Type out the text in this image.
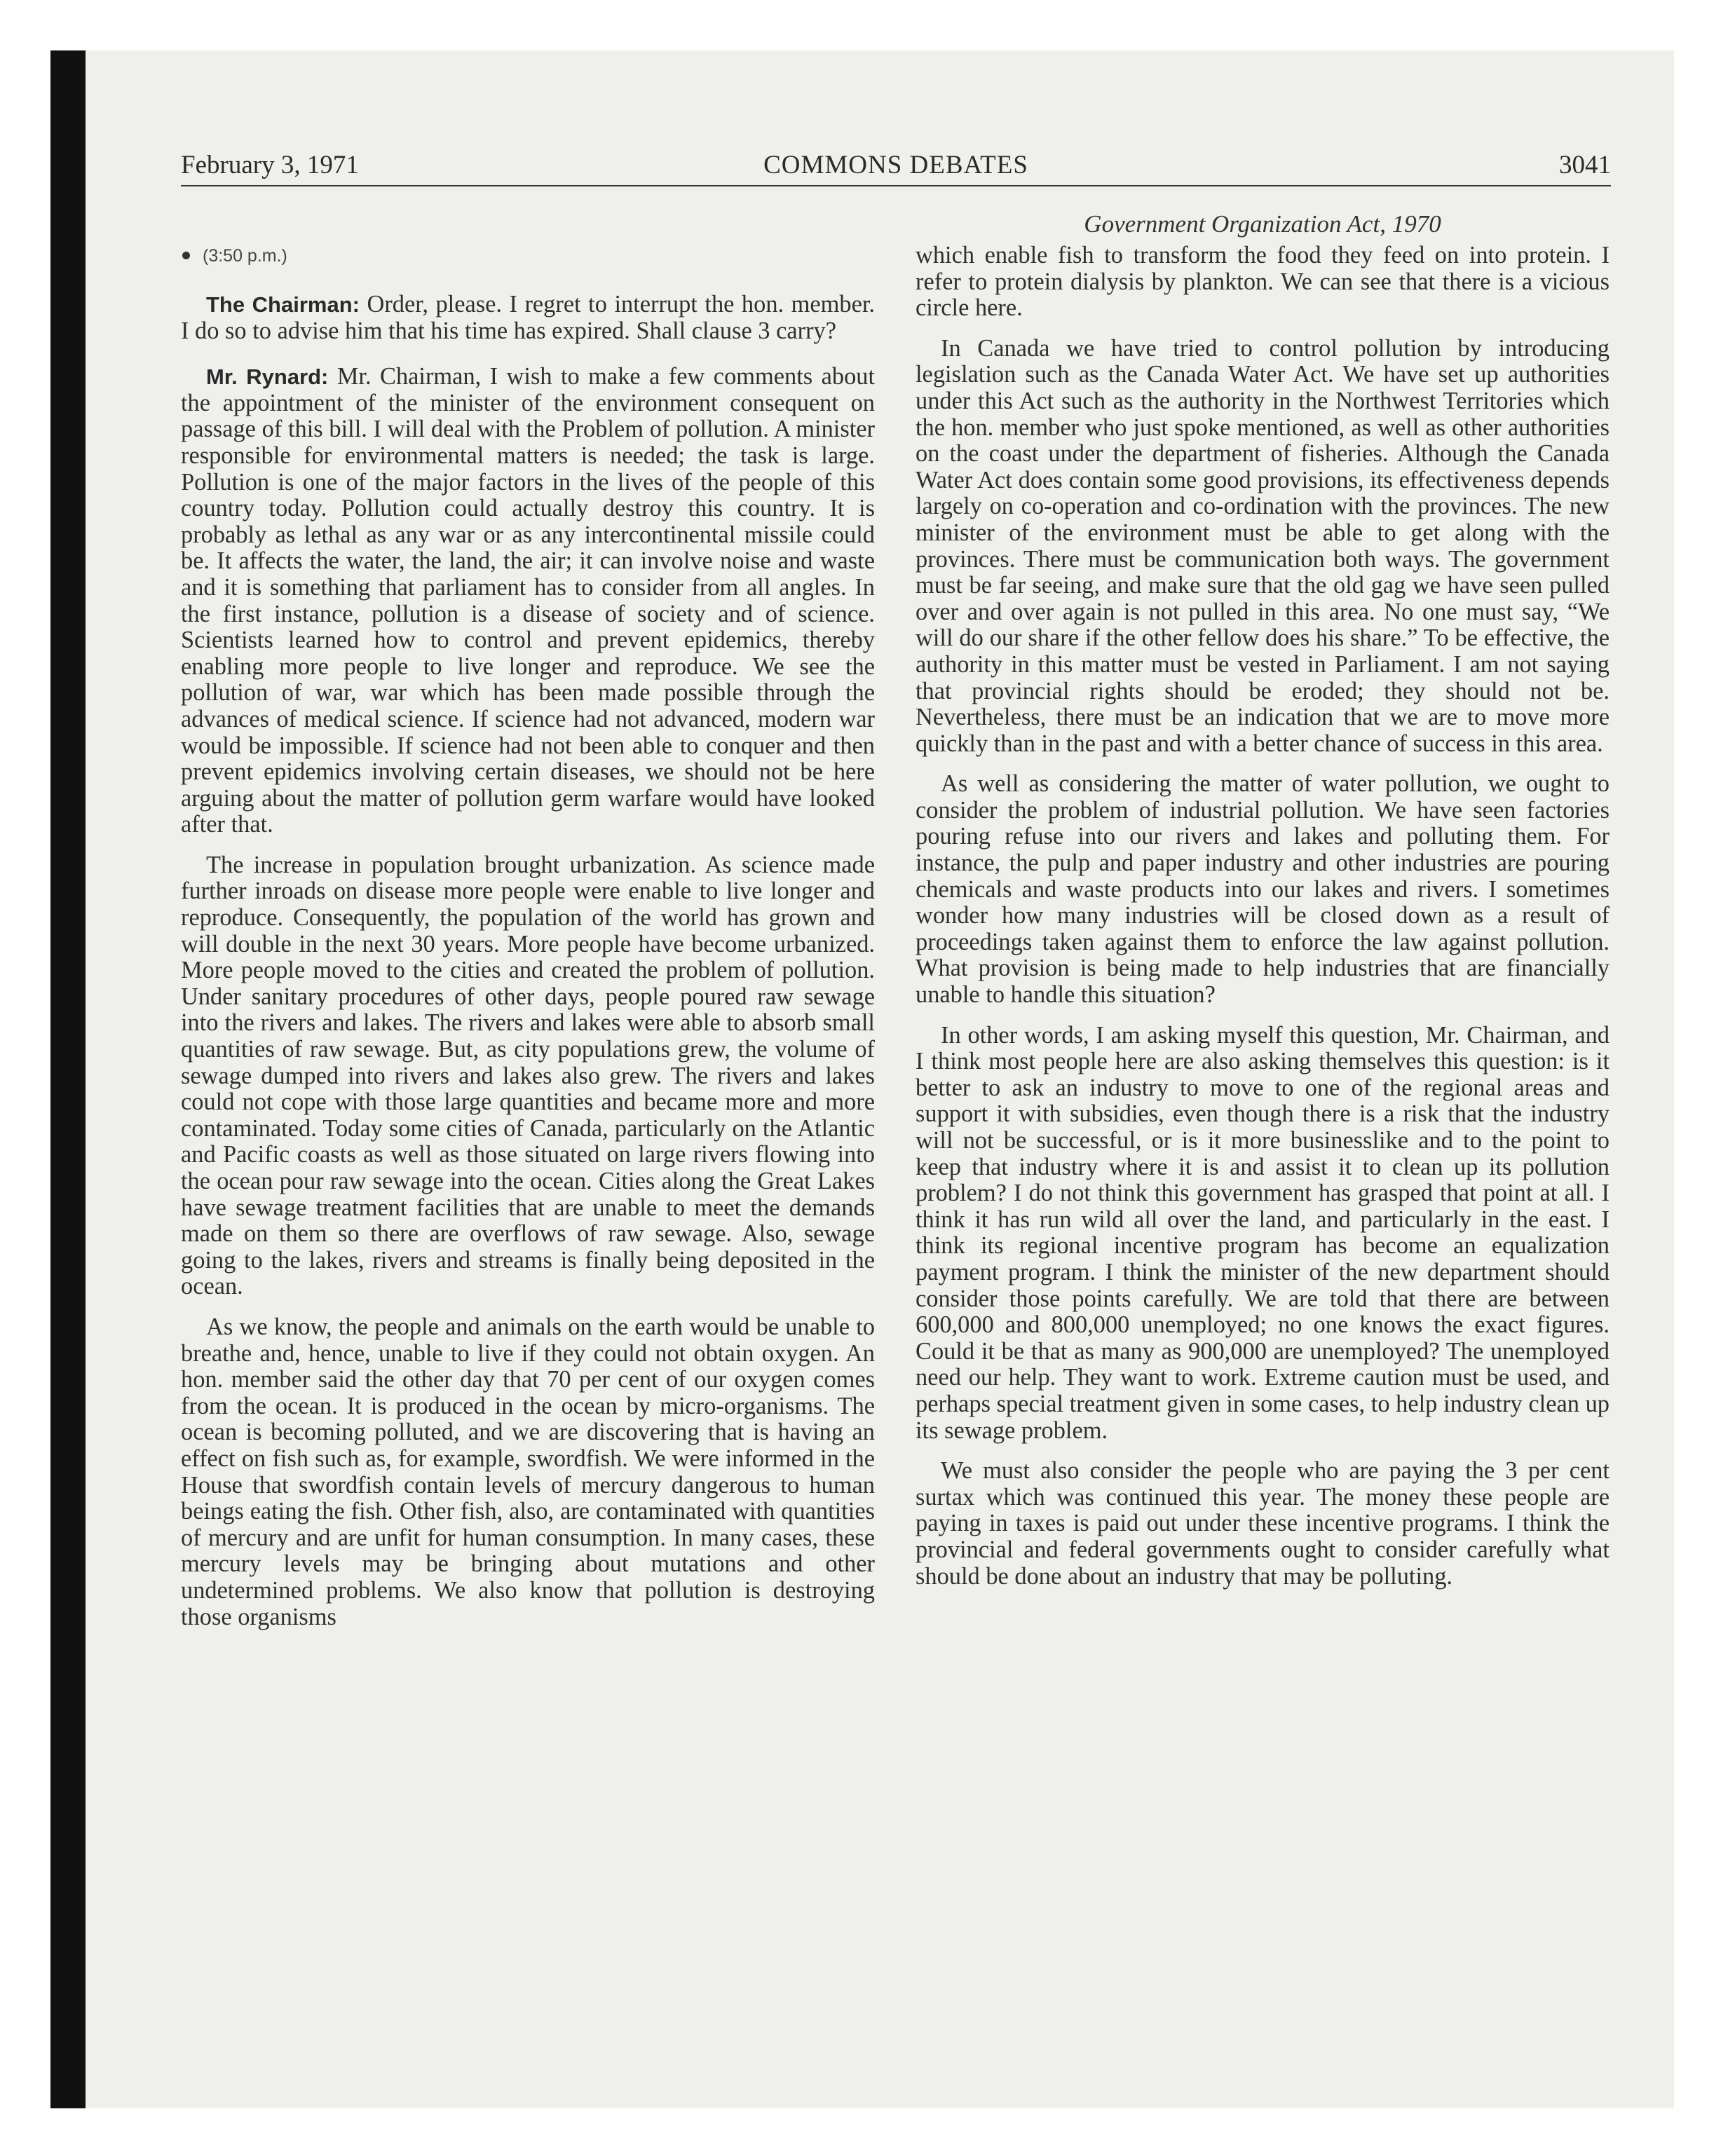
February 3, 1971	COMMONS DEBATES	3041
(3:50 p.m.)

The Chairman: Order, please. I regret to interrupt the hon. member. I do so to advise him that his time has expired. Shall clause 3 carry?

Mr. Rynard: Mr. Chairman, I wish to make a few comments about the appointment of the minister of the environment consequent on passage of this bill. I will deal with the Problem of pollution. A minister responsible for environmental matters is needed; the task is large. Pollution is one of the major factors in the lives of the people of this country today. Pollution could actually destroy this country. It is probably as lethal as any war or as any intercontinental missile could be. It affects the water, the land, the air; it can involve noise and waste and it is something that parliament has to consider from all angles. In the first instance, pollution is a disease of society and of science. Scientists learned how to control and prevent epidemics, thereby enabling more people to live longer and reproduce. We see the pollution of war, war which has been made possible through the advances of medical science. If science had not advanced, modern war would be impossible. If science had not been able to conquer and then prevent epidemics involving certain diseases, we should not be here arguing about the matter of pollution germ warfare would have looked after that.

The increase in population brought urbanization. As science made further inroads on disease more people were enable to live longer and reproduce. Consequently, the population of the world has grown and will double in the next 30 years. More people have become urbanized. More people moved to the cities and created the problem of pollution. Under sanitary procedures of other days, people poured raw sewage into the rivers and lakes. The rivers and lakes were able to absorb small quantities of raw sewage. But, as city populations grew, the volume of sewage dumped into rivers and lakes also grew. The rivers and lakes could not cope with those large quantities and became more and more contaminated. Today some cities of Canada, particularly on the Atlantic and Pacific coasts as well as those situated on large rivers flowing into the ocean pour raw sewage into the ocean. Cities along the Great Lakes have sewage treatment facilities that are unable to meet the demands made on them so there are overflows of raw sewage. Also, sewage going to the lakes, rivers and streams is finally being deposited in the ocean.

As we know, the people and animals on the earth would be unable to breathe and, hence, unable to live if they could not obtain oxygen. An hon. member said the other day that 70 per cent of our oxygen comes from the ocean. It is produced in the ocean by micro-organisms. The ocean is becoming polluted, and we are discovering that is having an effect on fish such as, for example, swordfish. We were informed in the House that swordfish contain levels of mercury dangerous to human beings eating the fish. Other fish, also, are contaminated with quantities of mercury and are unfit for human consumption. In many cases, these mercury levels may be bringing about mutations and other undetermined problems. We also know that pollution is destroying those organisms

Government Organization Act, 1970

which enable fish to transform the food they feed on into protein. I refer to protein dialysis by plankton. We can see that there is a vicious circle here.

In Canada we have tried to control pollution by introducing legislation such as the Canada Water Act. We have set up authorities under this Act such as the authority in the Northwest Territories which the hon. member who just spoke mentioned, as well as other authorities on the coast under the department of fisheries. Although the Canada Water Act does contain some good provisions, its effectiveness depends largely on co-operation and co-ordination with the provinces. The new minister of the environment must be able to get along with the provinces. There must be communication both ways. The government must be far seeing, and make sure that the old gag we have seen pulled over and over again is not pulled in this area. No one must say, “We will do our share if the other fellow does his share.” To be effective, the authority in this matter must be vested in Parliament. I am not saying that provincial rights should be eroded; they should not be. Nevertheless, there must be an indication that we are to move more quickly than in the past and with a better chance of success in this area.

As well as considering the matter of water pollution, we ought to consider the problem of industrial pollution. We have seen factories pouring refuse into our rivers and lakes and polluting them. For instance, the pulp and paper industry and other industries are pouring chemicals and waste products into our lakes and rivers. I sometimes wonder how many industries will be closed down as a result of proceedings taken against them to enforce the law against pollution. What provision is being made to help industries that are financially unable to handle this situation?

In other words, I am asking myself this question, Mr. Chairman, and I think most people here are also asking themselves this question: is it better to ask an industry to move to one of the regional areas and support it with subsidies, even though there is a risk that the industry will not be successful, or is it more businesslike and to the point to keep that industry where it is and assist it to clean up its pollution problem? I do not think this government has grasped that point at all. I think it has run wild all over the land, and particularly in the east. I think its regional incentive program has become an equalization payment program. I think the minister of the new department should consider those points carefully. We are told that there are between 600,000 and 800,000 unemployed; no one knows the exact figures. Could it be that as many as 900,000 are unemployed? The unemployed need our help. They want to work. Extreme caution must be used, and perhaps special treatment given in some cases, to help industry clean up its sewage problem.

We must also consider the people who are paying the 3 per cent surtax which was continued this year. The money these people are paying in taxes is paid out under these incentive programs. I think the provincial and federal governments ought to consider carefully what should be done about an industry that may be polluting.
